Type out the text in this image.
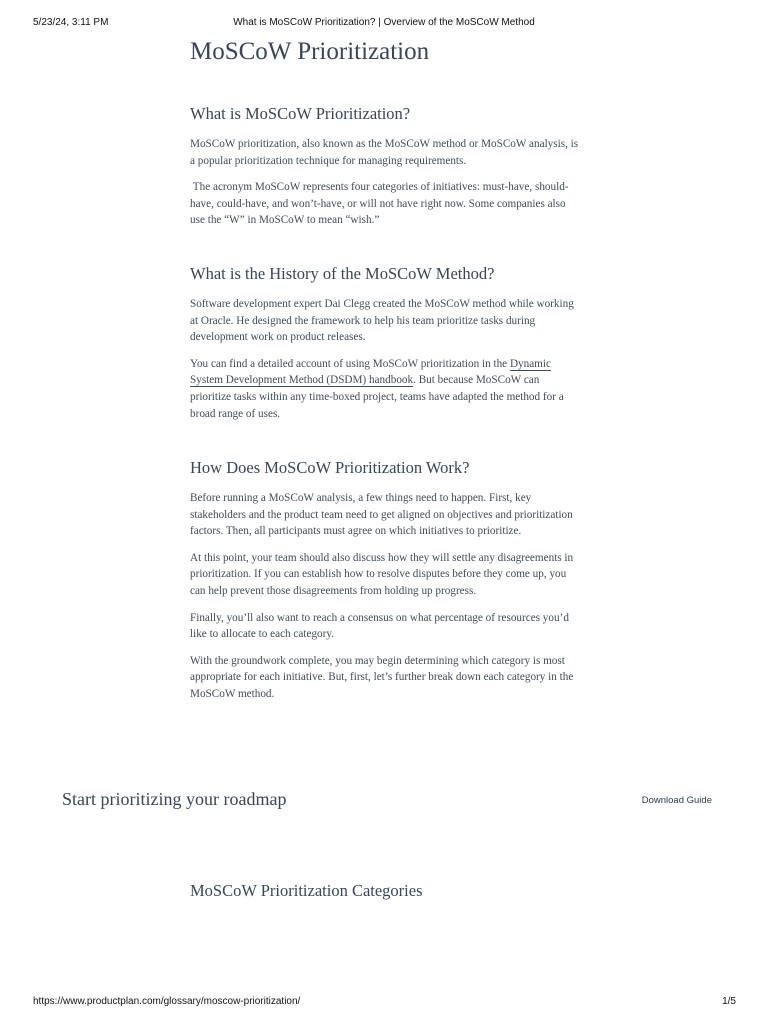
5/23/24, 3:11 PM	What is MoSCoW Prioritization? | Overview of the MoSCoW Method
MoSCoW Prioritization
What is MoSCoW Prioritization?

MoSCoW prioritization, also known as the MoSCoW method or MoSCoW analysis, is a popular prioritization technique for managing requirements.

The acronym MoSCoW represents four categories of initiatives: must-have, should-have, could-have, and won’t-have, or will not have right now. Some companies also use the “W” in MoSCoW to mean “wish.”

What is the History of the MoSCoW Method?

Software development expert Dai Clegg created the MoSCoW method while working at Oracle. He designed the framework to help his team prioritize tasks during development work on product releases.

You can find a detailed account of using MoSCoW prioritization in the Dynamic System Development Method (DSDM) handbook. But because MoSCoW can prioritize tasks within any time-boxed project, teams have adapted the method for a broad range of uses.

How Does MoSCoW Prioritization Work?

Before running a MoSCoW analysis, a few things need to happen. First, key stakeholders and the product team need to get aligned on objectives and prioritization factors. Then, all participants must agree on which initiatives to prioritize.

At this point, your team should also discuss how they will settle any disagreements in prioritization. If you can establish how to resolve disputes before they come up, you can help prevent those disagreements from holding up progress.

Finally, you’ll also want to reach a consensus on what percentage of resources you’d like to allocate to each category.

With the groundwork complete, you may begin determining which category is most appropriate for each initiative. But, first, let’s further break down each category in the MoSCoW method.

Start prioritizing your roadmap	Download Guide
MoSCoW Prioritization Categories
https://www.productplan.com/glossary/moscow-prioritization/	1/5
